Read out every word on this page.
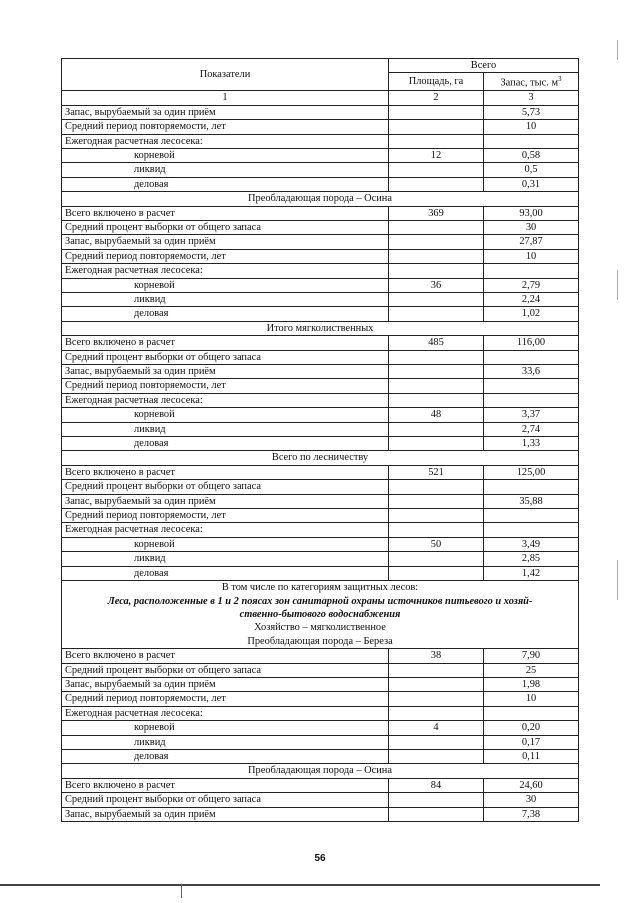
Показатели	Всего	
	Площадь, га	Запас, тыс. $м^3$
1	2	3
Запас, вырубаемый за один приём		5,73
Средний период повторяемости, лет		10
Ежегодная расчетная лесосека:		
корневой	12	0,58
ликвид		0,5
деловая		0,31
Преобладающая порода – Осина		
Всего включено в расчет	369	93,00
Средний процент выборки от общего запаса		30
Запас, вырубаемый за один приём		27,87
Средний период повторяемости, лет		10
Ежегодная расчетная лесосека:		
корневой	36	2,79
ликвид		2,24
деловая		1,02
Итого мягколиственных		
Всего включено в расчет	485	116,00
Средний процент выборки от общего запаса		
Запас, вырубаемый за один приём		33,6
Средний период повторяемости, лет		
Ежегодная расчетная лесосека:		
корневой	48	3,37
ликвид		2,74
деловая		1,33
Всего по лесничеству		
Всего включено в расчет	521	125,00
Средний процент выборки от общего запаса		
Запас, вырубаемый за один приём		35,88
Средний период повторяемости, лет		
Ежегодная расчетная лесосека:		
корневой	50	3,49
ликвид		2,85
деловая		1,42

В том числе по категориям защитных лесов:
Леса, расположенные в 1 и 2 поясах зон санитарной охраны источников питьевого и хозяй-
ственно-бытового водоснабжения
Хозяйство – мягколиственное
Преобладающая порода – Береза		

Всего включено в расчет	38	7,90
Средний процент выборки от общего запаса		25
Запас, вырубаемый за один приём		1,98
Средний период повторяемости, лет		10
Ежегодная расчетная лесосека:		
корневой	4	0,20
ликвид		0,17
деловая		0,11
Преобладающая порода – Осина		
Всего включено в расчет	84	24,60
Средний процент выборки от общего запаса		30
Запас, вырубаемый за один приём		7,38
56
